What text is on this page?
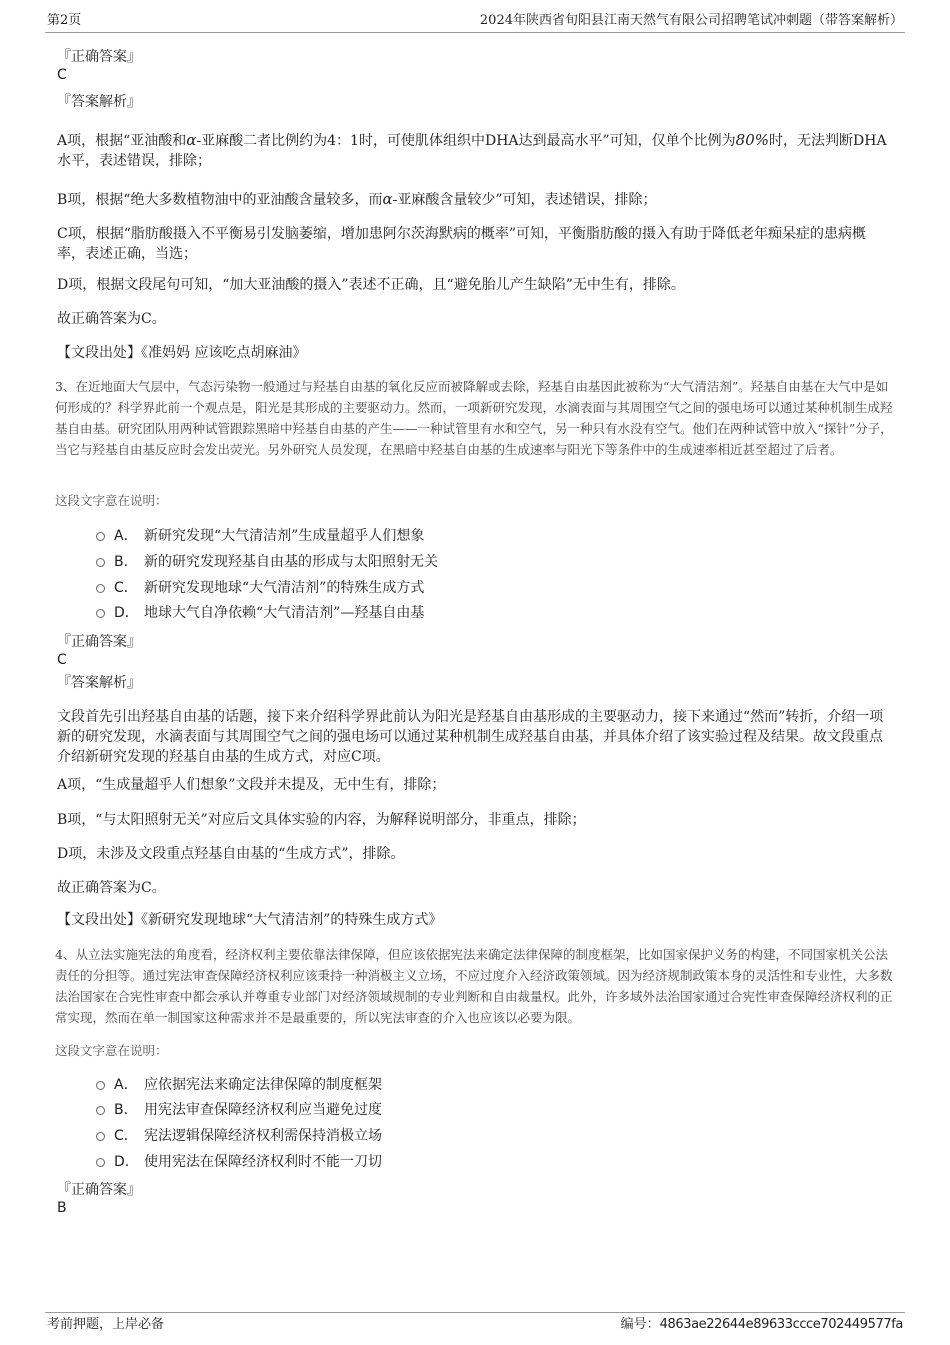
第2页	2024年陕西省旬阳县江南天然气有限公司招聘笔试冲刺题（带答案解析）
『正确答案』
C
『答案解析』

A项，根据“亚油酸和α-亚麻酸二者比例约为4：1时，可使肌体组织中DHA达到最高水平”可知，仅单个比例为80%时，无法判断DHA水平，表述错误，排除；

B项，根据“绝大多数植物油中的亚油酸含量较多，而α-亚麻酸含量较少”可知，表述错误，排除；

C项，根据“脂肪酸摄入不平衡易引发脑萎缩，增加患阿尔茨海默病的概率”可知，平衡脂肪酸的摄入有助于降低老年痴呆症的患病概率，表述正确，当选；

D项，根据文段尾句可知，“加大亚油酸的摄入”表述不正确，且“避免胎儿产生缺陷”无中生有，排除。

故正确答案为C。

【文段出处】《准妈妈 应该吃点胡麻油》

3、在近地面大气层中，气态污染物一般通过与羟基自由基的氧化反应而被降解或去除，羟基自由基因此被称为“大气清洁剂”。羟基自由基在大气中是如何形成的？科学界此前一个观点是，阳光是其形成的主要驱动力。然而，一项新研究发现，水滴表面与其周围空气之间的强电场可以通过某种机制生成羟基自由基。研究团队用两种试管跟踪黑暗中羟基自由基的产生——一种试管里有水和空气，另一种只有水没有空气。他们在两种试管中放入“探针”分子，当它与羟基自由基反应时会发出荧光。另外研究人员发现，在黑暗中羟基自由基的生成速率与阳光下等条件中的生成速率相近甚至超过了后者。

这段文字意在说明：
A． 新研究发现“大气清洁剂”生成量超乎人们想象
B． 新的研究发现羟基自由基的形成与太阳照射无关
C． 新研究发现地球“大气清洁剂”的特殊生成方式
D． 地球大气自净依赖“大气清洁剂”—羟基自由基
『正确答案』
C
『答案解析』

文段首先引出羟基自由基的话题，接下来介绍科学界此前认为阳光是羟基自由基形成的主要驱动力，接下来通过“然而”转折，介绍一项新的研究发现，水滴表面与其周围空气之间的强电场可以通过某种机制生成羟基自由基，并具体介绍了该实验过程及结果。故文段重点介绍新研究发现的羟基自由基的生成方式，对应C项。

A项，“生成量超乎人们想象”文段并未提及，无中生有，排除；

B项，“与太阳照射无关”对应后文具体实验的内容，为解释说明部分，非重点，排除；

D项，未涉及文段重点羟基自由基的“生成方式”，排除。

故正确答案为C。

【文段出处】《新研究发现地球“大气清洁剂”的特殊生成方式》

4、从立法实施宪法的角度看，经济权利主要依靠法律保障，但应该依据宪法来确定法律保障的制度框架，比如国家保护义务的构建，不同国家机关公法责任的分担等。通过宪法审查保障经济权利应该秉持一种消极主义立场，不应过度介入经济政策领域。因为经济规制政策本身的灵活性和专业性，大多数法治国家在合宪性审查中都会承认并尊重专业部门对经济领域规制的专业判断和自由裁量权。此外，许多域外法治国家通过合宪性审查保障经济权利的正常实现，然而在单一制国家这种需求并不是最重要的，所以宪法审查的介入也应该以必要为限。

这段文字意在说明：
A． 应依据宪法来确定法律保障的制度框架
B． 用宪法审查保障经济权利应当避免过度
C． 宪法逻辑保障经济权利需保持消极立场
D． 使用宪法在保障经济权利时不能一刀切
『正确答案』
B
考前押题，上岸必备	编号：4863ae22644e89633ccce702449577fa
